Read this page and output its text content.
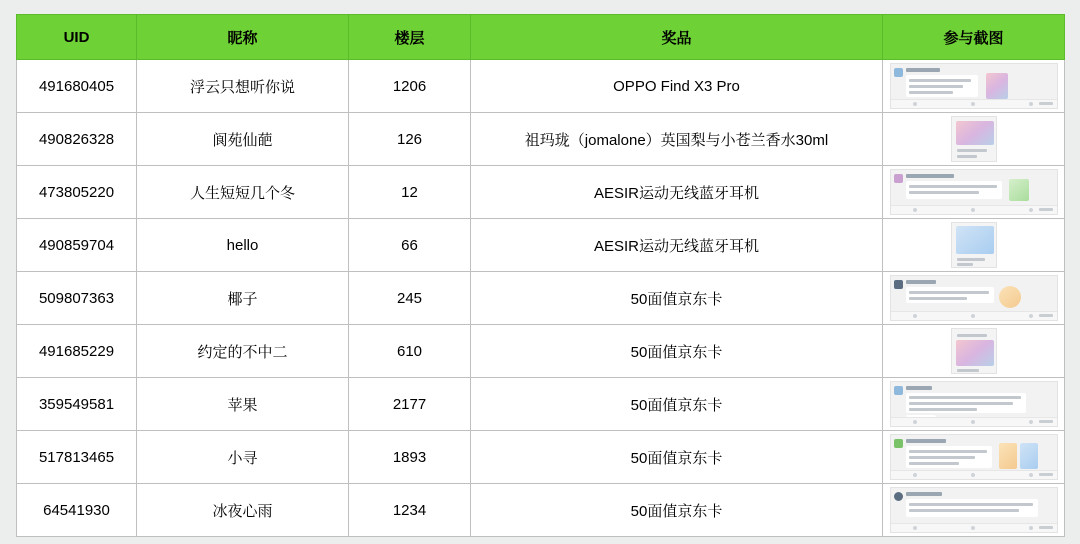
UID	昵称	楼层	奖品	参与截图
491680405	浮云只想听你说	1206	OPPO Find X3 Pro	

490826328	阆苑仙葩	126	祖玛珑（jomalone）英国梨与小苍兰香水30ml	

473805220	人生短短几个冬	12	AESIR运动无线蓝牙耳机	

490859704	hello	66	AESIR运动无线蓝牙耳机	

509807363	椰子	245	50面值京东卡	

491685229	约定的不中二	610	50面值京东卡	

359549581	苹果	2177	50面值京东卡	

517813465	小寻	1893	50面值京东卡	

64541930	冰夜心雨	1234	50面值京东卡	
